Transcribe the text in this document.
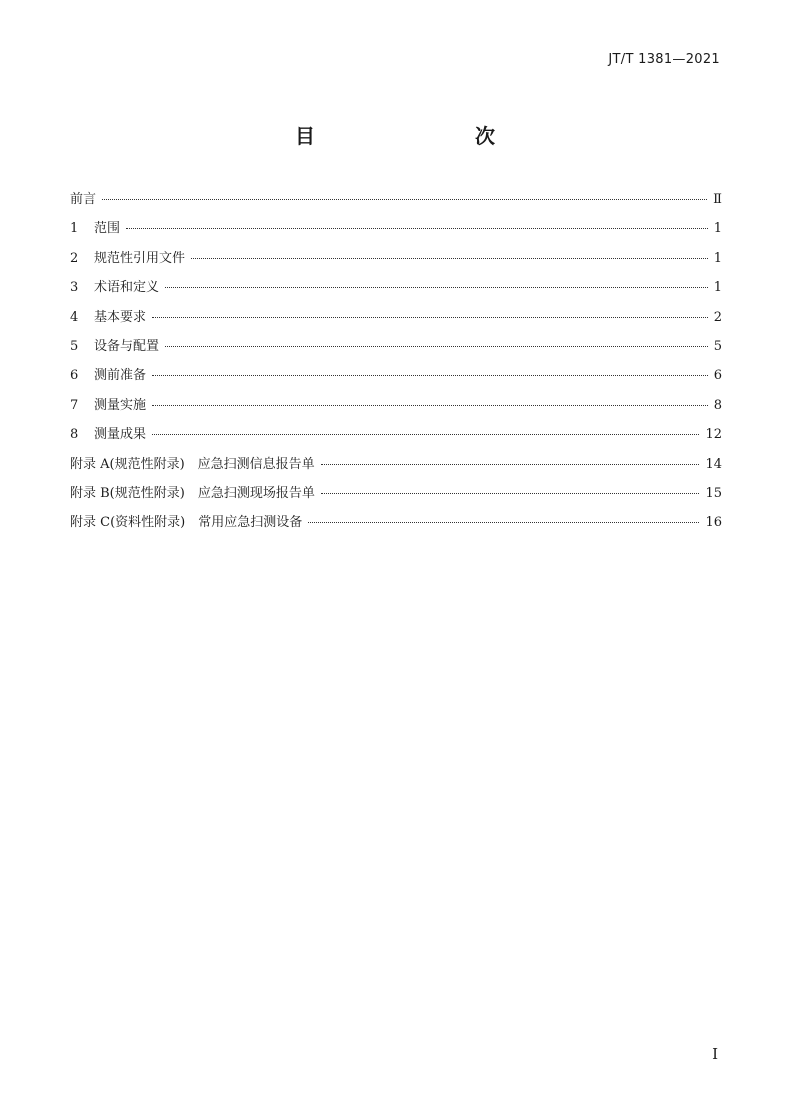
JT/T 1381—2021
目　　次
前言	Ⅱ
1	范围	1
2	规范性引用文件	1
3	术语和定义	1
4	基本要求	2
5	设备与配置	5
6	测前准备	6
7	测量实施	8
8	测量成果	12
附录 A(规范性附录)　应急扫测信息报告单	14
附录 B(规范性附录)　应急扫测现场报告单	15
附录 C(资料性附录)　常用应急扫测设备	16
I
